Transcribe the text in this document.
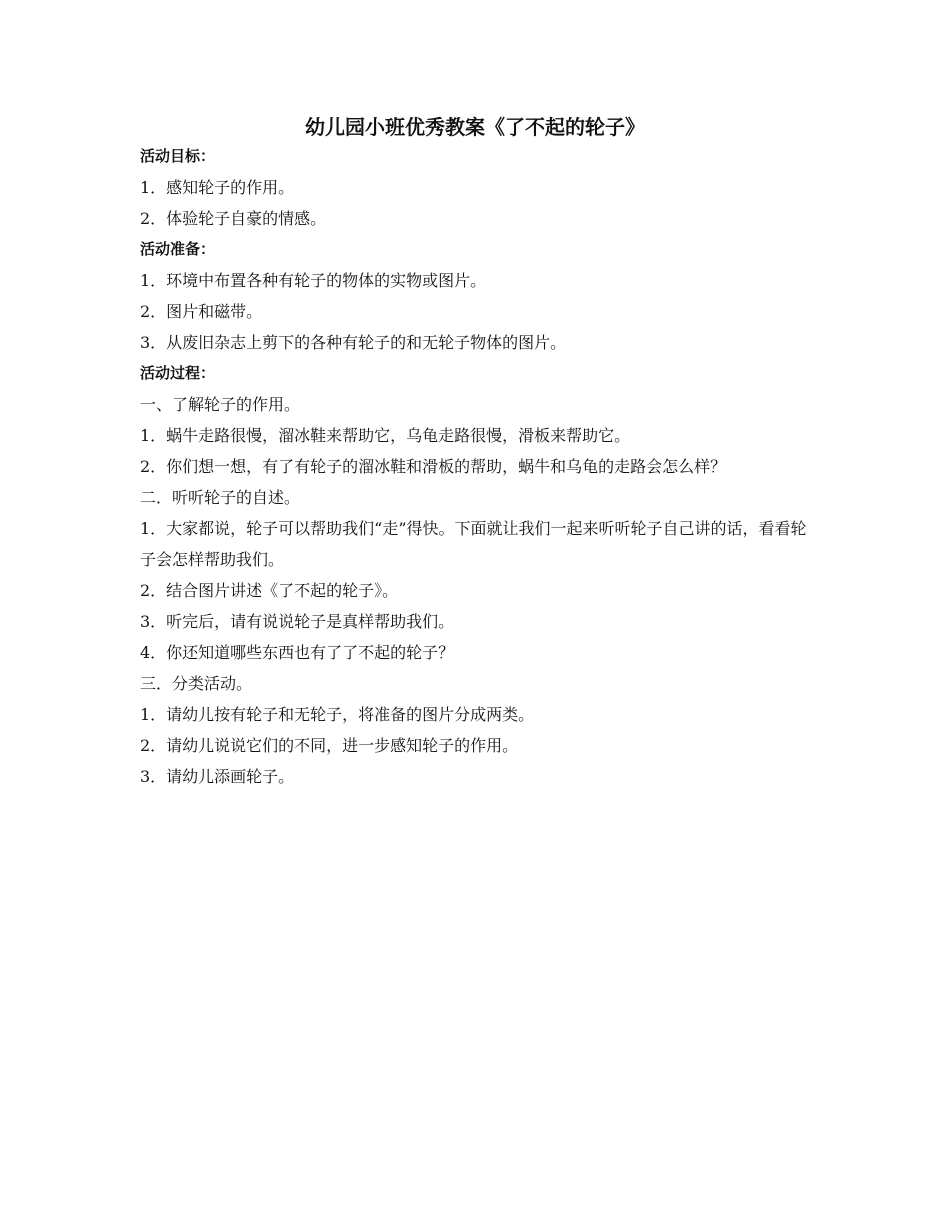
幼儿园小班优秀教案《了不起的轮子》

活动目标：

1．感知轮子的作用。

2．体验轮子自豪的情感。

活动准备：

1．环境中布置各种有轮子的物体的实物或图片。

2．图片和磁带。

3．从废旧杂志上剪下的各种有轮子的和无轮子物体的图片。

活动过程：

一、了解轮子的作用。

1．蜗牛走路很慢，溜冰鞋来帮助它，乌龟走路很慢，滑板来帮助它。

2．你们想一想，有了有轮子的溜冰鞋和滑板的帮助，蜗牛和乌龟的走路会怎么样？

二．听听轮子的自述。

1．大家都说，轮子可以帮助我们“走”得快。下面就让我们一起来听听轮子自己讲的话，看看轮子会怎样帮助我们。

2．结合图片讲述《了不起的轮子》。

3．听完后，请有说说轮子是真样帮助我们。

4．你还知道哪些东西也有了了不起的轮子？

三．分类活动。

1．请幼儿按有轮子和无轮子，将准备的图片分成两类。

2．请幼儿说说它们的不同，进一步感知轮子的作用。

3．请幼儿添画轮子。
